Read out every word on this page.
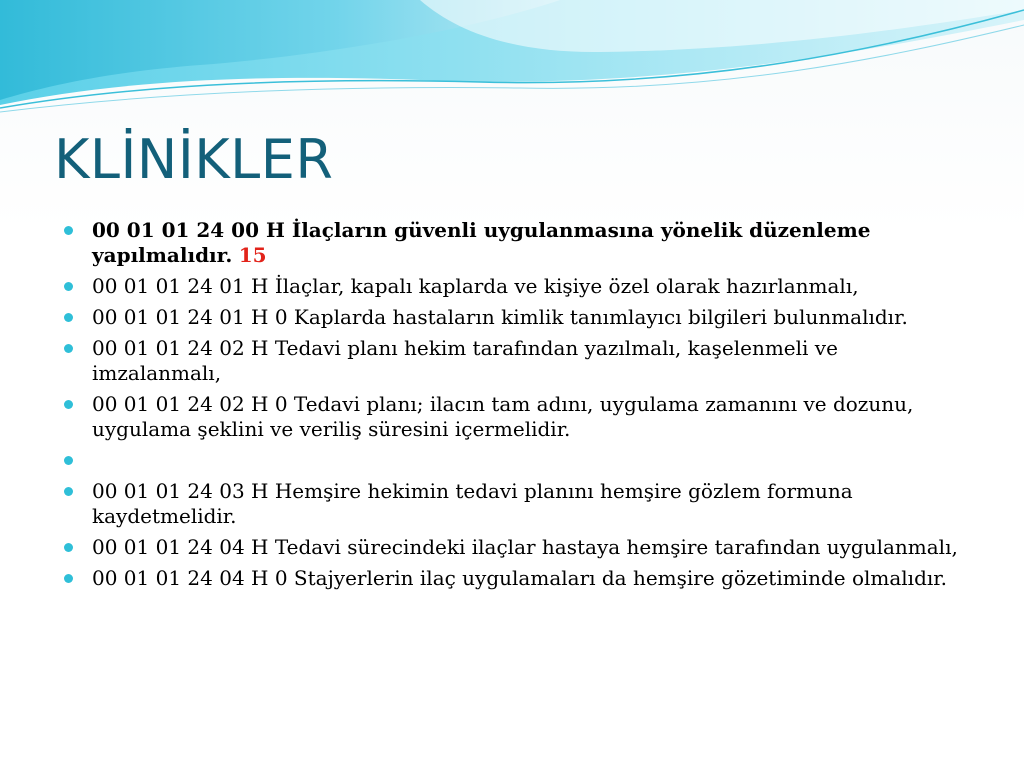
KLİNİKLER
00 01 01 24 00 H İlaçların güvenli uygulanmasına yönelik düzenleme yapılmalıdır. 15
00 01 01 24 01 H İlaçlar, kapalı kaplarda ve kişiye özel olarak hazırlanmalı,
00 01 01 24 01 H 0 Kaplarda hastaların kimlik tanımlayıcı bilgileri bulunmalıdır.
00 01 01 24 02 H Tedavi planı hekim tarafından yazılmalı, kaşelenmeli ve imzalanmalı,
00 01 01 24 02 H 0 Tedavi planı; ilacın tam adını, uygulama zamanını ve dozunu, uygulama şeklini ve veriliş süresini içermelidir.
00 01 01 24 03 H Hemşire hekimin tedavi planını hemşire gözlem formuna kaydetmelidir.
00 01 01 24 04 H Tedavi sürecindeki ilaçlar hastaya hemşire tarafından uygulanmalı,
00 01 01 24 04 H 0 Stajyerlerin ilaç uygulamaları da hemşire gözetiminde olmalıdır.
